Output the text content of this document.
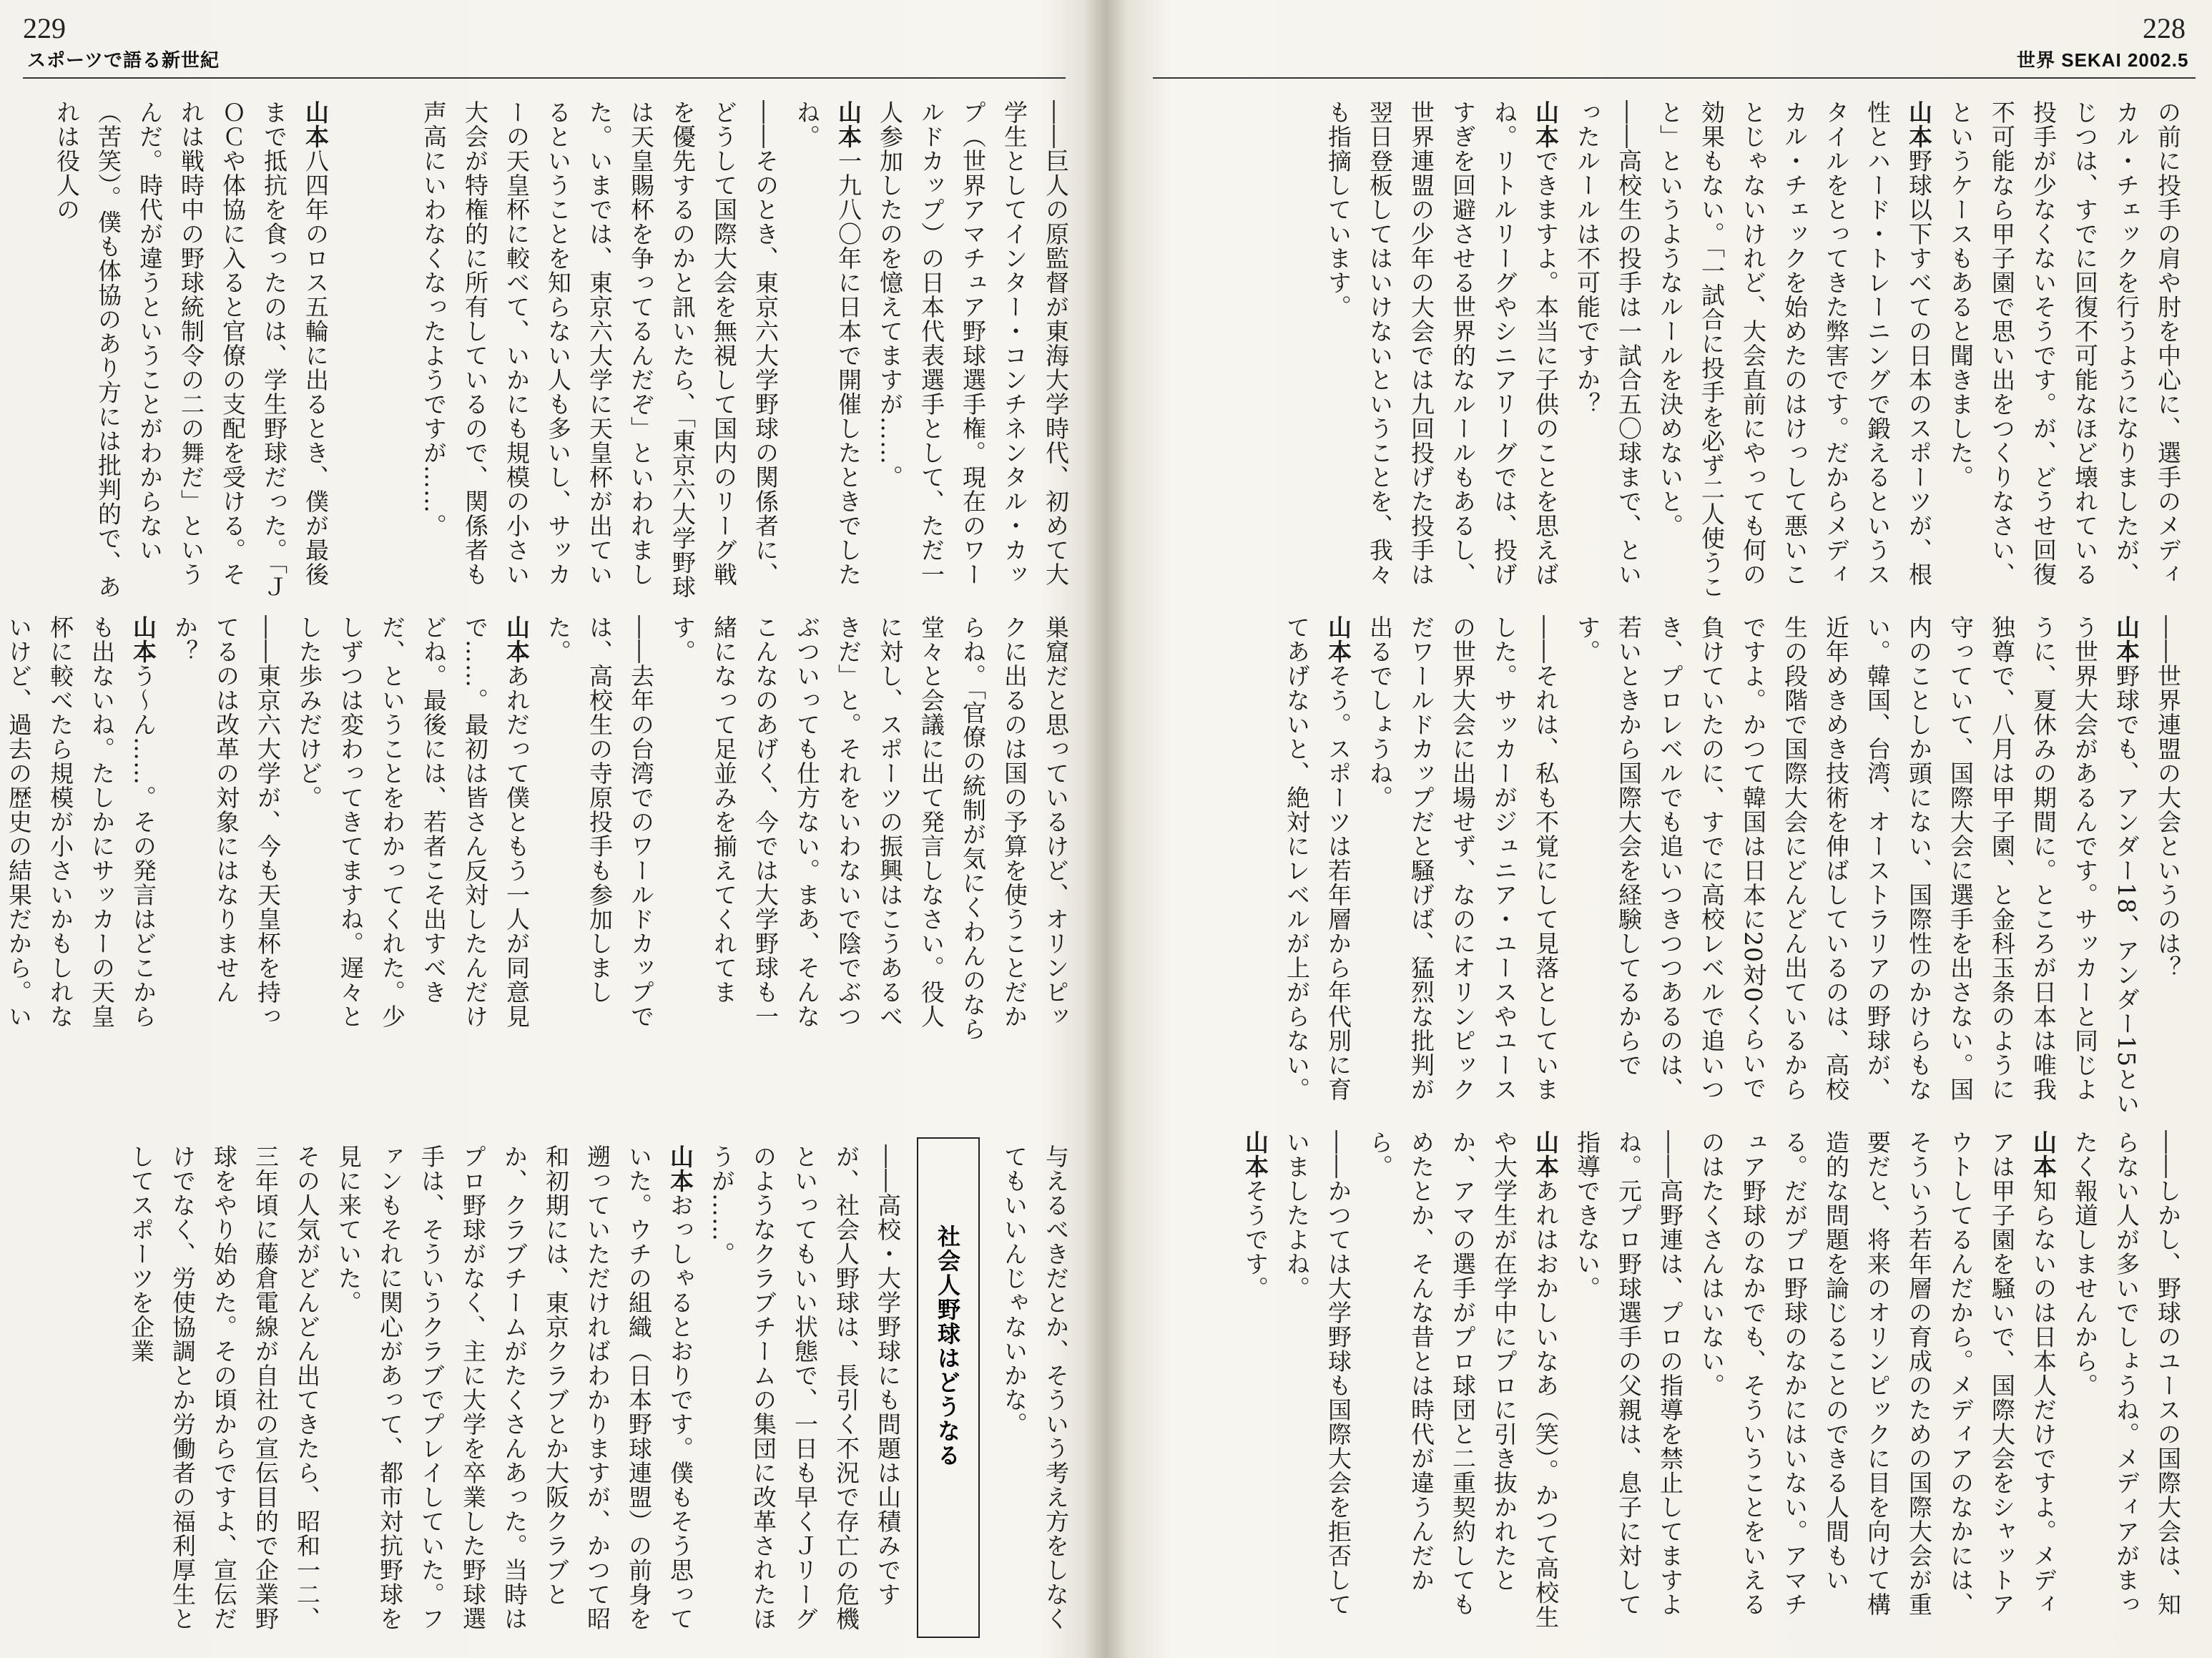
229
スポーツで語る新世紀
228
世界 SEKAI 2002.5

――巨人の原監督が東海大学時代、初めて大学生としてインター・コンチネンタル・カップ（世界アマチュア野球選手権。現在のワールドカップ）の日本代表選手として、ただ一人参加したのを憶えてますが……。

山本一九八〇年に日本で開催したときでしたね。

――そのとき、東京六大学野球の関係者に、どうして国際大会を無視して国内のリーグ戦を優先するのかと訊いたら、「東京六大学野球は天皇賜杯を争ってるんだぞ」といわれました。いまでは、東京六大学に天皇杯が出ているということを知らない人も多いし、サッカーの天皇杯に較べて、いかにも規模の小さい大会が特権的に所有しているので、関係者も声高にいわなくなったようですが……。

山本八四年のロス五輪に出るとき、僕が最後まで抵抗を食ったのは、学生野球だった。「ＪＯＣや体協に入ると官僚の支配を受ける。それは戦時中の野球統制令の二の舞だ」というんだ。時代が違うということがわからない（苦笑）。僕も体協のあり方には批判的で、あれは役人の

巣窟だと思っているけど、オリンピックに出るのは国の予算を使うことだからね。「官僚の統制が気にくわんのなら堂々と会議に出て発言しなさい。役人に対し、スポーツの振興はこうあるべきだ」と。それをいわないで陰でぶつぶついっても仕方ない。まあ、そんなこんなのあげく、今では大学野球も一緒になって足並みを揃えてくれてます。

――去年の台湾でのワールドカップでは、高校生の寺原投手も参加しました。

山本あれだって僕ともう一人が同意見で……。最初は皆さん反対したんだけどね。最後には、若者こそ出すべきだ、ということをわかってくれた。少しずつは変わってきてますね。遅々とした歩みだけど。

――東京六大学が、今も天皇杯を持ってるのは改革の対象にはなりませんか？

山本う～ん……。その発言はどこからも出ないね。たしかにサッカーの天皇杯に較べたら規模が小さいかもしれないけど、過去の歴史の結果だから。い

与えるべきだとか、そういう考え方をしなくてもいいんじゃないかな。

社会人野球はどうなる

――高校・大学野球にも問題は山積みですが、社会人野球は、長引く不況で存亡の危機といってもいい状態で、一日も早くＪリーグのようなクラブチームの集団に改革されたほうが……。

山本おっしゃるとおりです。僕もそう思っていた。ウチの組織（日本野球連盟）の前身を遡っていただければわかりますが、かつて昭和初期には、東京クラブとか大阪クラブとか、クラブチームがたくさんあった。当時はプロ野球がなく、主に大学を卒業した野球選手は、そういうクラブでプレイしていた。ファンもそれに関心があって、都市対抗野球を見に来ていた。

その人気がどんどん出てきたら、昭和一二、三年頃に藤倉電線が自社の宣伝目的で企業野球をやり始めた。その頃からですよ、宣伝だけでなく、労使協調とか労働者の福利厚生としてスポーツを企業

の前に投手の肩や肘を中心に、選手のメディカル・チェックを行うようになりましたが、じつは、すでに回復不可能なほど壊れている投手が少なくないそうです。が、どうせ回復不可能なら甲子園で思い出をつくりなさい、というケースもあると聞きました。

山本野球以下すべての日本のスポーツが、根性とハード・トレーニングで鍛えるというスタイルをとってきた弊害です。だからメディカル・チェックを始めたのはけっして悪いことじゃないけれど、大会直前にやっても何の効果もない。「一試合に投手を必ず二人使うこと」というようなルールを決めないと。

――高校生の投手は一試合五〇球まで、といったルールは不可能ですか？

山本できますよ。本当に子供のことを思えばね。リトルリーグやシニアリーグでは、投げすぎを回避させる世界的なルールもあるし、世界連盟の少年の大会では九回投げた投手は翌日登板してはいけないということを、我々も指摘しています。

――世界連盟の大会というのは？

山本野球でも、アンダー18、アンダー15という世界大会があるんです。サッカーと同じように、夏休みの期間に。ところが日本は唯我独尊で、八月は甲子園、と金科玉条のように守っていて、国際大会に選手を出さない。国内のことしか頭にない、国際性のかけらもない。韓国、台湾、オーストラリアの野球が、近年めきめき技術を伸ばしているのは、高校生の段階で国際大会にどんどん出ているからですよ。かつて韓国は日本に20対0くらいで負けていたのに、すでに高校レベルで追いつき、プロレベルでも追いつきつつあるのは、若いときから国際大会を経験してるからです。

――それは、私も不覚にして見落としていました。サッカーがジュニア・ユースやユースの世界大会に出場せず、なのにオリンピックだワールドカップだと騒げば、猛烈な批判が出るでしょうね。

山本そう。スポーツは若年層から年代別に育てあげないと、絶対にレベルが上がらない。

――しかし、野球のユースの国際大会は、知らない人が多いでしょうね。メディアがまったく報道しませんから。

山本知らないのは日本人だけですよ。メディアは甲子園を騒いで、国際大会をシャットアウトしてるんだから。メディアのなかには、そういう若年層の育成のための国際大会が重要だと、将来のオリンピックに目を向けて構造的な問題を論じることのできる人間もいる。だがプロ野球のなかにはいない。アマチュア野球のなかでも、そういうことをいえるのはたくさんはいない。

――高野連は、プロの指導を禁止してますよね。元プロ野球選手の父親は、息子に対して指導できない。

山本あれはおかしいなあ（笑）。かつて高校生や大学生が在学中にプロに引き抜かれたとか、アマの選手がプロ球団と二重契約してもめたとか、そんな昔とは時代が違うんだから。

――かつては大学野球も国際大会を拒否していましたよね。

山本そうです。
